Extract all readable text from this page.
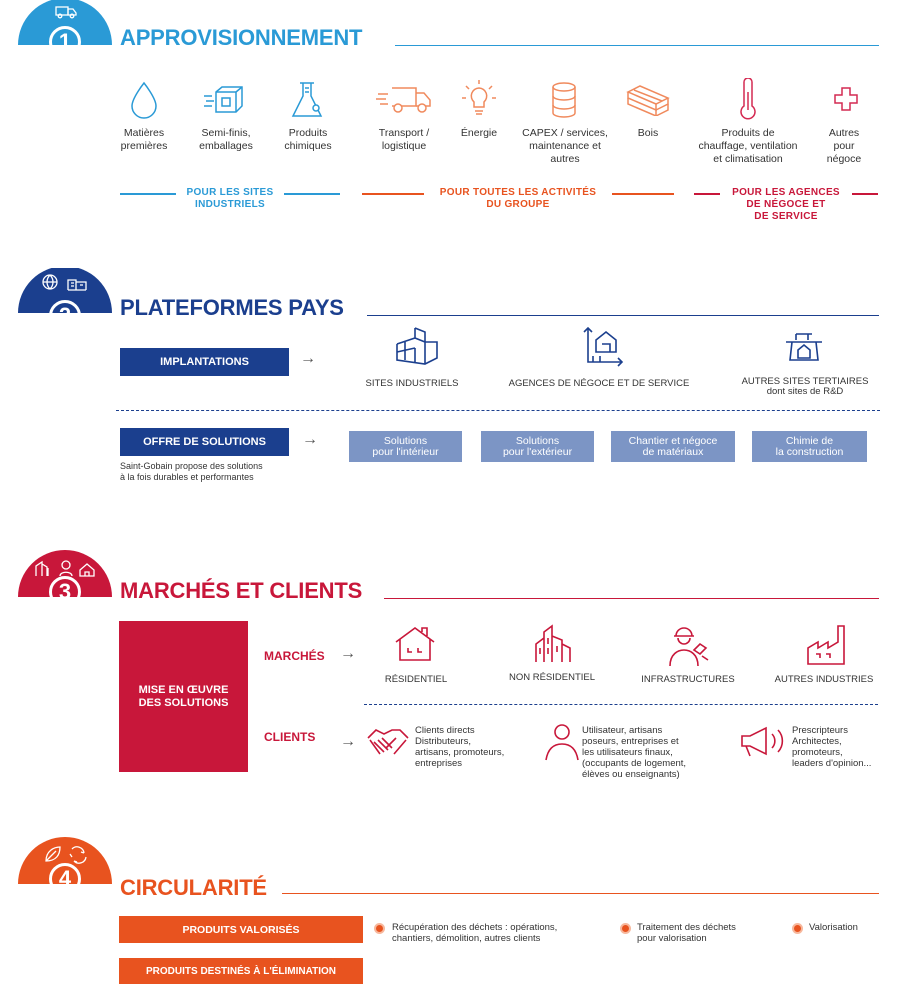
1	APPROVISIONNEMENT
Matières
premières
Semi-finis,
emballages
Produits
chimiques
Transport /
logistique
Énergie	CAPEX / services,
maintenance et
autres
Bois	Produits de
chauffage, ventilation
et climatisation
Autres
pour
négoce
POUR LES SITES
INDUSTRIELS
POUR TOUTES LES ACTIVITÉS
DU GROUPE
POUR LES AGENCES
DE NÉGOCE ET
DE SERVICE
2	PLATEFORMES PAYS
IMPLANTATIONS	→
SITES INDUSTRIELS	AGENCES DE NÉGOCE ET DE SERVICE	AUTRES SITES TERTIAIRES
dont sites de R&D
OFFRE DE SOLUTIONS	→
Saint-Gobain propose des solutions
à la fois durables et performantes
Solutions
pour l'intérieur
Solutions
pour l'extérieur
Chantier et négoce
de matériaux
Chimie de
la construction
3	MARCHÉS ET CLIENTS
MISE EN ŒUVRE
DES SOLUTIONS
MARCHÉS →
RÉSIDENTIEL	NON RÉSIDENTIEL	INFRASTRUCTURES	AUTRES INDUSTRIES
CLIENTS →
Clients directs
Distributeurs,
artisans, promoteurs,
entreprises
Utilisateur, artisans
poseurs, entreprises et
les utilisateurs finaux,
(occupants de logement,
élèves ou enseignants)
Prescripteurs
Architectes,
promoteurs,
leaders d'opinion...
4	CIRCULARITÉ
PRODUITS VALORISÉS
PRODUITS DESTINÉS À L'ÉLIMINATION
Récupération des déchets : opérations,
chantiers, démolition, autres clients
Traitement des déchets
pour valorisation
Valorisation
